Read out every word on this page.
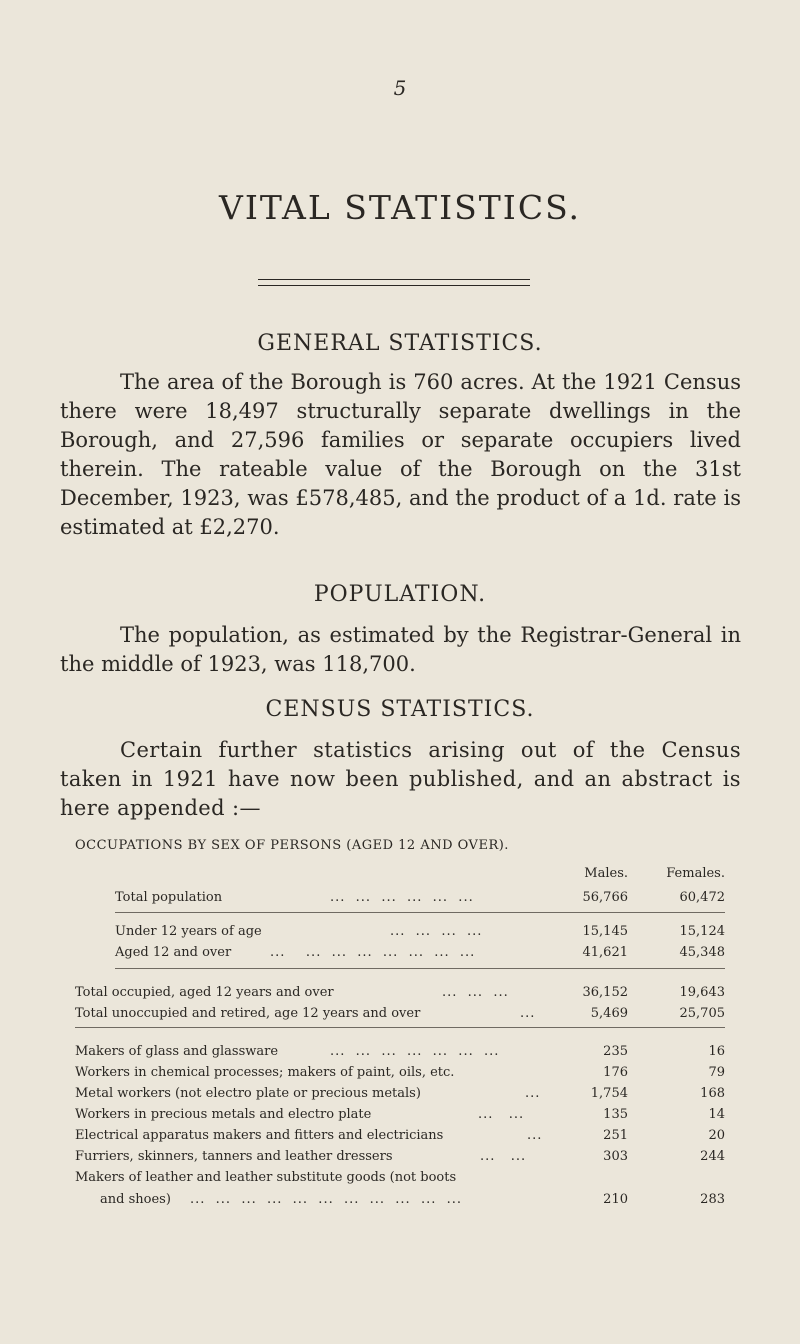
5
VITAL STATISTICS.
GENERAL STATISTICS.

The area of the Borough is 760 acres. At the 1921 Census there were 18,497 structurally separate dwellings in the Borough, and 27,596 families or separate occupiers lived therein. The rateable value of the Borough on the 31st December, 1923, was £578,485, and the product of a 1d. rate is estimated at £2,270.

POPULATION.

The population, as estimated by the Registrar-General in the middle of 1923, was 118,700.

CENSUS STATISTICS.

Certain further statistics arising out of the Census taken in 1921 have now been published, and an abstract is here appended :—

OCCUPATIONS BY SEX OF PERSONS (AGED 12 AND OVER).
Males.	Females.
Total population	...  ...  ...  ...  ...  ...	56,766	60,472
Under 12 years of age	...  ...  ...  ...	15,145	15,124
Aged 12 and over	...    ...  ...  ...  ...  ...  ...  ...	41,621	45,348
Total occupied, aged 12 years and over	...  ...  ...	36,152	19,643
Total unoccupied and retired, age 12 years and over	...	5,469	25,705
Makers of glass and glassware	...  ...  ...  ...  ...  ...  ...	235	16
Workers in chemical processes; makers of paint, oils, etc.	176	79
Metal workers (not electro plate or precious metals)	...	1,754	168
Workers in precious metals and electro plate	...   ...	135	14
Electrical apparatus makers and fitters and electricians	...	251	20
Furriers, skinners, tanners and leather dressers	...   ...	303	244
Makers of leather and leather substitute goods (not boots
and shoes) ...  ...  ...  ...  ...  ...  ...  ...  ...  ...  ...	210	283
